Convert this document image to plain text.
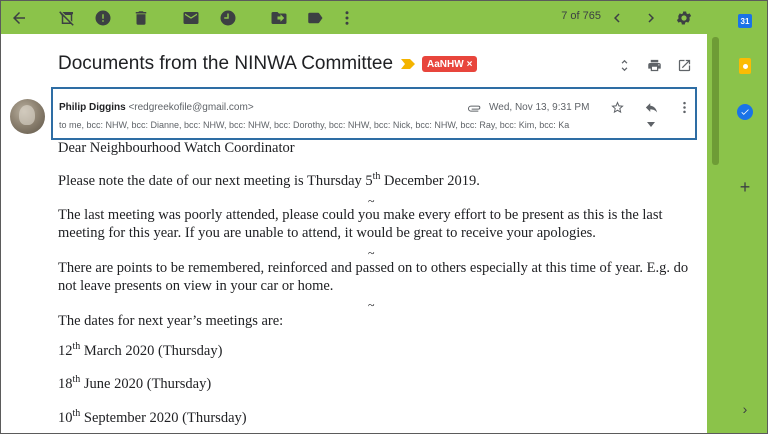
7 of 765	31
+
›
Documents from the NINWA Committee	AaNHW ×
Philip Diggins <redgreekofile@gmail.com>	Wed, Nov 13, 9:31 PM
to me, bcc: NHW, bcc: Dianne, bcc: NHW, bcc: NHW, bcc: Dorothy, bcc: NHW, bcc: Nick, bcc: NHW, bcc: Ray, bcc: Kim, bcc: Ka

Dear Neighbourhood Watch Coordinator

Please note the date of our next meeting is Thursday 5th December 2019.

~

The last meeting was poorly attended, please could you make every effort to be present as this is the last meeting for this year. If you are unable to attend, it would be great to receive your apologies.

~

There are points to be remembered, reinforced and passed on to others especially at this time of year. E.g. do not leave presents on view in your car or home.

~

The dates for next year’s meetings are:

12th March 2020 (Thursday)

18th June 2020 (Thursday)

10th September 2020 (Thursday)
